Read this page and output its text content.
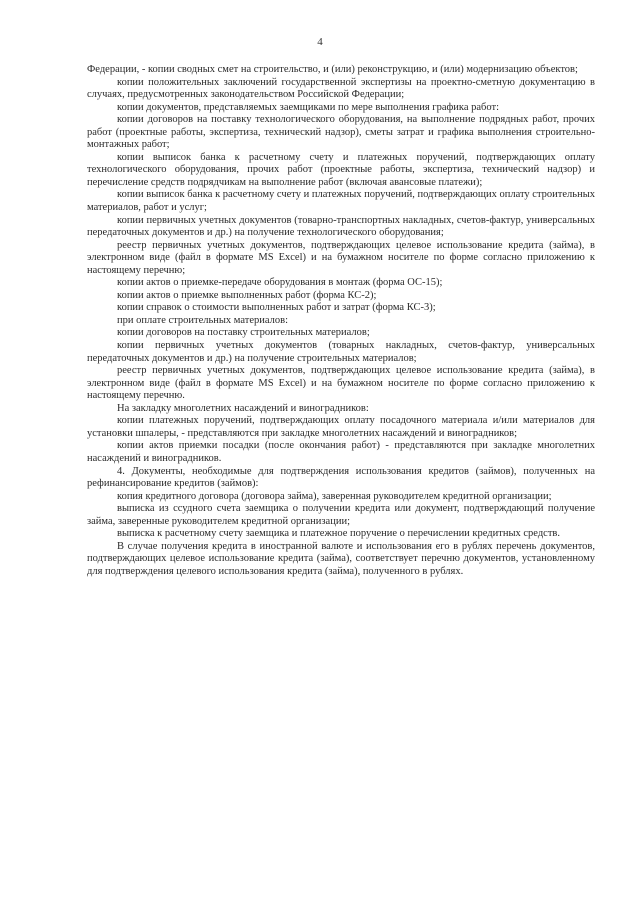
4

Федерации, - копии сводных смет на строительство, и (или) реконструкцию, и (или) модернизацию объектов;

копии положительных заключений государственной экспертизы на проектно-сметную документацию в случаях, предусмотренных законодательством Российской Федерации;

копии документов, представляемых заемщиками по мере выполнения графика работ:

копии договоров на поставку технологического оборудования, на выполнение подрядных работ, прочих работ (проектные работы, экспертиза, технический надзор), сметы затрат и графика выполнения строительно-монтажных работ;

копии выписок банка к расчетному счету и платежных поручений, подтверждающих оплату технологического оборудования, прочих работ (проектные работы, экспертиза, технический надзор) и перечисление средств подрядчикам на выполнение работ (включая авансовые платежи);

копии выписок банка к расчетному счету и платежных поручений, подтверждающих оплату строительных материалов, работ и услуг;

копии первичных учетных документов (товарно-транспортных накладных, счетов-фактур, универсальных передаточных документов и др.) на получение технологического оборудования;

реестр первичных учетных документов, подтверждающих целевое использование кредита (займа), в электронном виде (файл в формате MS Excel) и на бумажном носителе по форме согласно приложению к настоящему перечню;

копии актов о приемке-передаче оборудования в монтаж (форма ОС-15);

копии актов о приемке выполненных работ (форма КС-2);

копии справок о стоимости выполненных работ и затрат (форма КС-3);

при оплате строительных материалов:

копии договоров на поставку строительных материалов;

копии первичных учетных документов (товарных накладных, счетов-фактур, универсальных передаточных документов и др.) на получение строительных материалов;

реестр первичных учетных документов, подтверждающих целевое использование кредита (займа), в электронном виде (файл в формате MS Excel) и на бумажном носителе по форме согласно приложению к настоящему перечню.

На закладку многолетних насаждений и виноградников:

копии платежных поручений, подтверждающих оплату посадочного материала и/или материалов для установки шпалеры, - представляются при закладке многолетних насаждений и виноградников;

копии актов приемки посадки (после окончания работ) - представляются при закладке многолетних насаждений и виноградников.

4. Документы, необходимые для подтверждения использования кредитов (займов), полученных на рефинансирование кредитов (займов):

копия кредитного договора (договора займа), заверенная руководителем кредитной организации;

выписка из ссудного счета заемщика о получении кредита или документ, подтверждающий получение займа, заверенные руководителем кредитной организации;

выписка к расчетному счету заемщика и платежное поручение о перечислении кредитных средств.

В случае получения кредита в иностранной валюте и использования его в рублях перечень документов, подтверждающих целевое использование кредита (займа), соответствует перечню документов, установленному для подтверждения целевого использования кредита (займа), полученного в рублях.
